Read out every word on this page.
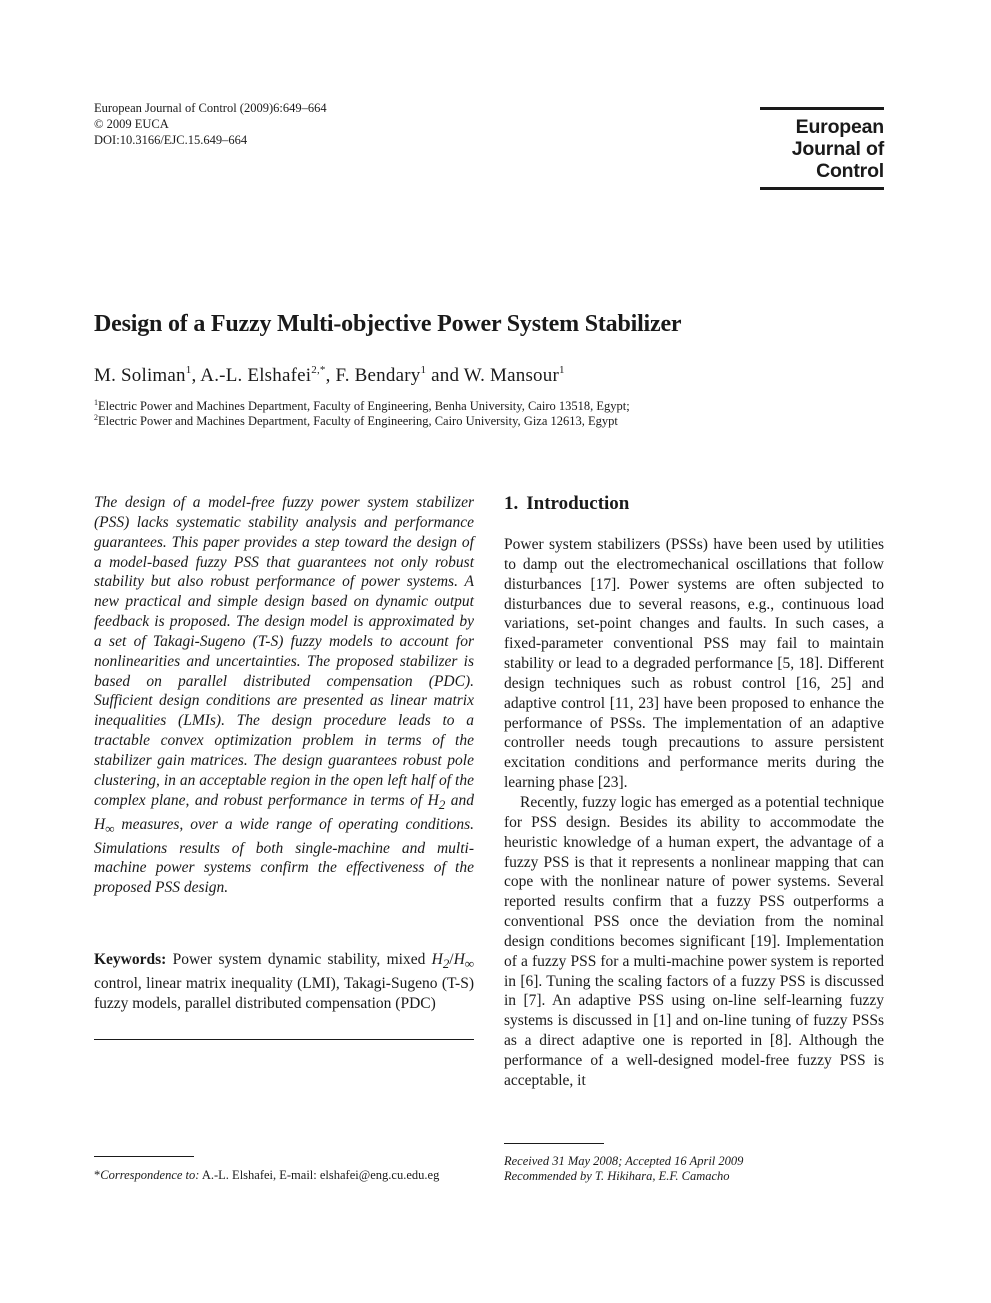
European Journal of Control (2009)6:649–664
© 2009 EUCA
DOI:10.3166/EJC.15.649–664
European
Journal of
Control
Design of a Fuzzy Multi-objective Power System Stabilizer
M. Soliman$^1$, A.-L. Elshafei$^{2,*}$, F. Bendary$^1$ and W. Mansour$^1$
$^1$Electric Power and Machines Department, Faculty of Engineering, Benha University, Cairo 13518, Egypt;
$^2$Electric Power and Machines Department, Faculty of Engineering, Cairo University, Giza 12613, Egypt
The design of a model-free fuzzy power system stabilizer (PSS) lacks systematic stability analysis and performance guarantees. This paper provides a step toward the design of a model-based fuzzy PSS that guarantees not only robust stability but also robust performance of power systems. A new practical and simple design based on dynamic output feedback is proposed. The design model is approximated by a set of Takagi-Sugeno (T-S) fuzzy models to account for nonlinearities and uncertainties. The proposed stabilizer is based on parallel distributed compensation (PDC). Sufficient design conditions are presented as linear matrix inequalities (LMIs). The design procedure leads to a tractable convex optimization problem in terms of the stabilizer gain matrices. The design guarantees robust pole clustering, in an acceptable region in the open left half of the complex plane, and robust performance in terms of $H_2$ and $H_\infty$ measures, over a wide range of operating conditions. Simulations results of both single-machine and multi-machine power systems confirm the effectiveness of the proposed PSS design.
Keywords: Power system dynamic stability, mixed $H_2/H_\infty$ control, linear matrix inequality (LMI), Takagi-Sugeno (T-S) fuzzy models, parallel distributed compensation (PDC)
*Correspondence to: A.-L. Elshafei, E-mail: elshafei@eng.cu.edu.eg
1. Introduction

Power system stabilizers (PSSs) have been used by utilities to damp out the electromechanical oscillations that follow disturbances [17]. Power systems are often subjected to disturbances due to several reasons, e.g., continuous load variations, set-point changes and faults. In such cases, a fixed-parameter conventional PSS may fail to maintain stability or lead to a degraded performance [5, 18]. Different design techniques such as robust control [16, 25] and adaptive control [11, 23] have been proposed to enhance the performance of PSSs. The implementation of an adaptive controller needs tough precautions to assure persistent excitation conditions and performance merits during the learning phase [23].

Recently, fuzzy logic has emerged as a potential technique for PSS design. Besides its ability to accommodate the heuristic knowledge of a human expert, the advantage of a fuzzy PSS is that it represents a nonlinear mapping that can cope with the nonlinear nature of power systems. Several reported results confirm that a fuzzy PSS outperforms a conventional PSS once the deviation from the nominal design conditions becomes significant [19]. Implementation of a fuzzy PSS for a multi-machine power system is reported in [6]. Tuning the scaling factors of a fuzzy PSS is discussed in [7]. An adaptive PSS using on-line self-learning fuzzy systems is discussed in [1] and on-line tuning of fuzzy PSSs as a direct adaptive one is reported in [8]. Although the performance of a well-designed model-free fuzzy PSS is acceptable, it

Received 31 May 2008; Accepted 16 April 2009
Recommended by T. Hikihara, E.F. Camacho
